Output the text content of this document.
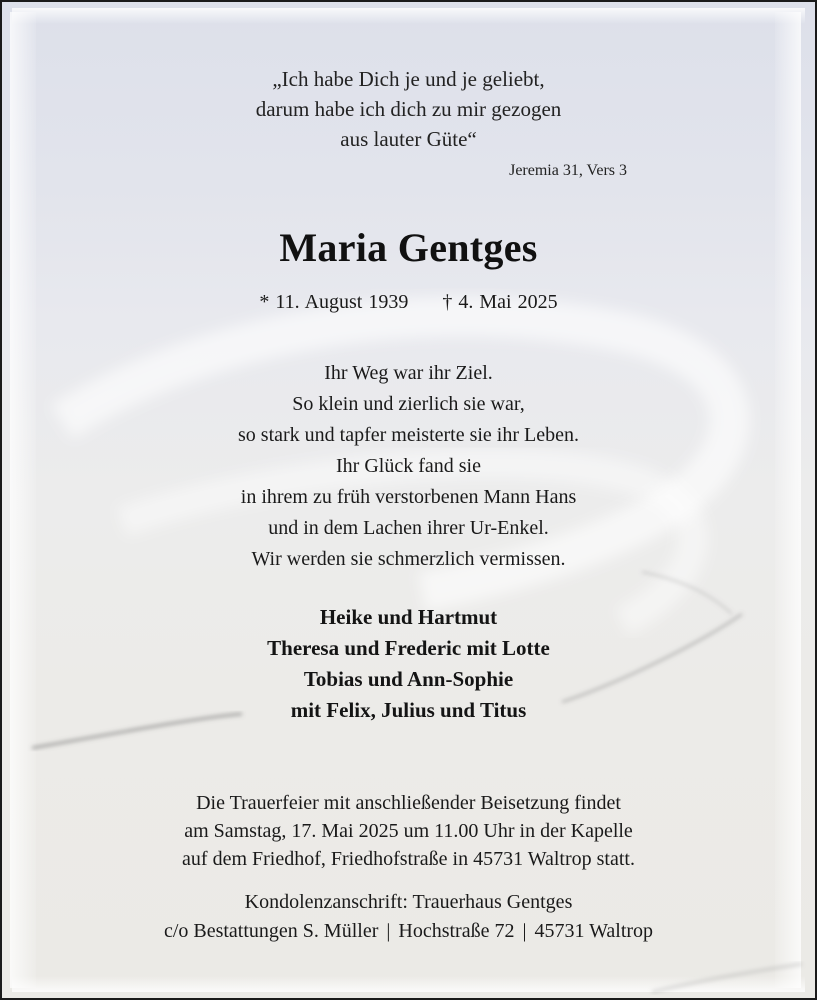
„Ich habe Dich je und je geliebt,
darum habe ich dich zu mir gezogen
aus lauter Güte“
Jeremia 31, Vers 3
Maria Gentges
* 11. August 1939 † 4. Mai 2025
Ihr Weg war ihr Ziel.
So klein und zierlich sie war,
so stark und tapfer meisterte sie ihr Leben.
Ihr Glück fand sie
in ihrem zu früh verstorbenen Mann Hans
und in dem Lachen ihrer Ur-Enkel.
Wir werden sie schmerzlich vermissen.
Heike und Hartmut
Theresa und Frederic mit Lotte
Tobias und Ann-Sophie
mit Felix, Julius und Titus
Die Trauerfeier mit anschließender Beisetzung findet
am Samstag, 17. Mai 2025 um 11.00 Uhr in der Kapelle
auf dem Friedhof, Friedhofstraße in 45731 Waltrop statt.
Kondolenzanschrift: Trauerhaus Gentges
c/o Bestattungen S. Müller | Hochstraße 72 | 45731 Waltrop
